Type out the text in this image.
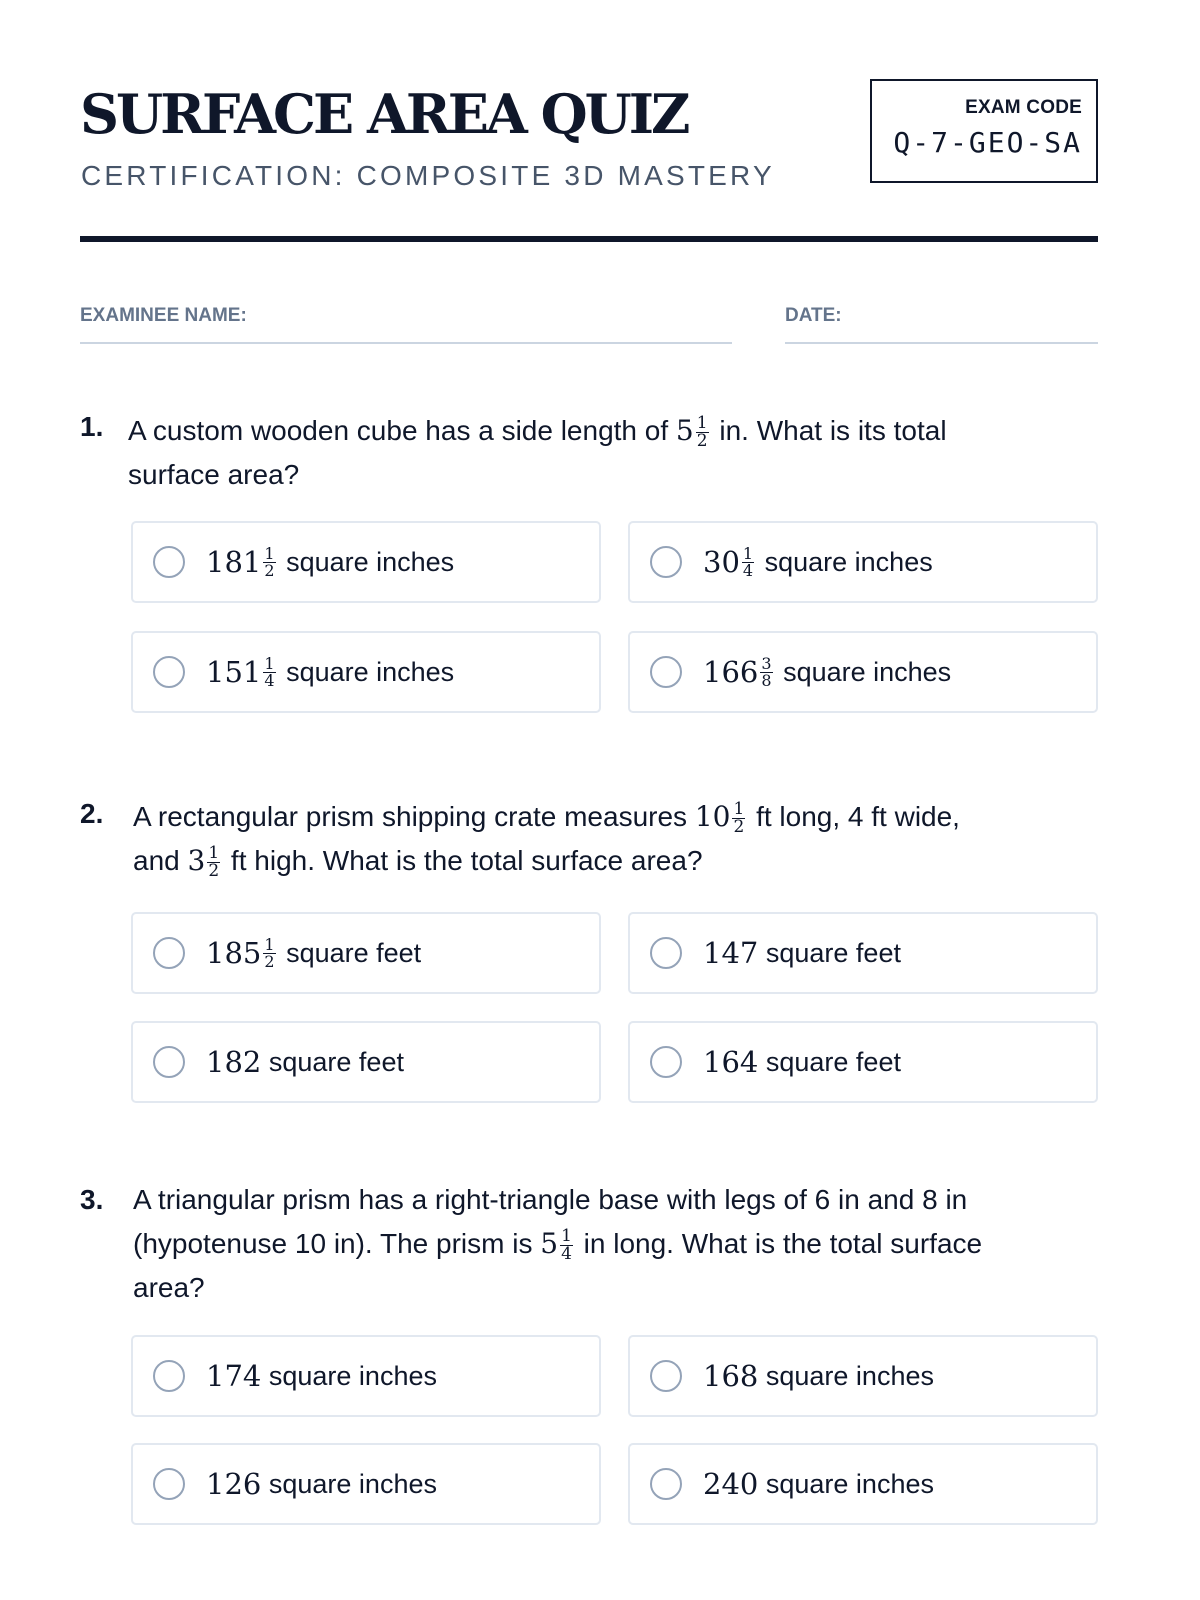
SURFACE AREA QUIZ
CERTIFICATION: COMPOSITE 3D MASTERY
EXAM CODE
Q-7-GEO-SA
EXAMINEE NAME:	DATE:
1. A custom wooden cube has a side length of $5 \frac{1}{2}$ in. What is its total
surface area?
$181 \frac{1}{2}$
square inches	$30 \frac{1}{4}$
square inches
$151 \frac{1}{4}$
square inches	$166 \frac{3}{8}$
square inches
2. A rectangular prism shipping crate measures $10 \frac{1}{2}$ ft long, 4 ft wide,
and $3 \frac{1}{2}$ ft high. What is the total surface area?
$185 \frac{1}{2}$
square feet	147
square feet
182
square feet	164
square feet
3. A triangular prism has a right-triangle base with legs of 6 in and 8 in
(hypotenuse 10 in). The prism is $5 \frac{1}{4}$ in long. What is the total surface
area?
174
square inches	168
square inches
126
square inches	240
square inches
